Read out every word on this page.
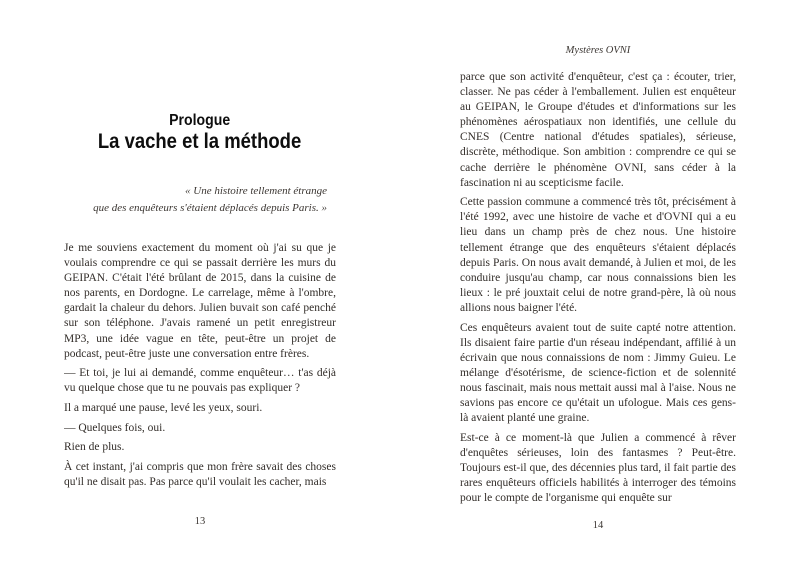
Prologue
La vache et la méthode
« Une histoire tellement étrange
que des enquêteurs s'étaient déplacés depuis Paris. »

Je me souviens exactement du moment où j'ai su que je voulais comprendre ce qui se passait derrière les murs du GEIPAN. C'était l'été brûlant de 2015, dans la cuisine de nos parents, en Dordogne. Le carrelage, même à l'ombre, gardait la chaleur du dehors. Julien buvait son café penché sur son téléphone. J'avais ramené un petit enregistreur MP3, une idée vague en tête, peut-être un projet de podcast, peut-être juste une conversation entre frères.

— Et toi, je lui ai demandé, comme enquêteur… t'as déjà vu quelque chose que tu ne pouvais pas expliquer ?

Il a marqué une pause, levé les yeux, souri.

— Quelques fois, oui.

Rien de plus.

À cet instant, j'ai compris que mon frère savait des choses qu'il ne disait pas. Pas parce qu'il voulait les cacher, mais

13
Mystères OVNI

parce que son activité d'enquêteur, c'est ça : écouter, trier, classer. Ne pas céder à l'emballement. Julien est enquêteur au GEIPAN, le Groupe d'études et d'informations sur les phénomènes aérospatiaux non identifiés, une cellule du CNES (Centre national d'études spatiales), sérieuse, discrète, méthodique. Son ambition : comprendre ce qui se cache derrière le phénomène OVNI, sans céder à la fascination ni au scepticisme facile.

Cette passion commune a commencé très tôt, précisément à l'été 1992, avec une histoire de vache et d'OVNI qui a eu lieu dans un champ près de chez nous. Une histoire tellement étrange que des enquêteurs s'étaient déplacés depuis Paris. On nous avait demandé, à Julien et moi, de les conduire jusqu'au champ, car nous connaissions bien les lieux : le pré jouxtait celui de notre grand-père, là où nous allions nous baigner l'été.

Ces enquêteurs avaient tout de suite capté notre attention. Ils disaient faire partie d'un réseau indépendant, affilié à un écrivain que nous connaissions de nom : Jimmy Guieu. Le mélange d'ésotérisme, de science-fiction et de solennité nous fascinait, mais nous mettait aussi mal à l'aise. Nous ne savions pas encore ce qu'était un ufologue. Mais ces gens-là avaient planté une graine.

Est-ce à ce moment-là que Julien a commencé à rêver d'enquêtes sérieuses, loin des fantasmes ? Peut-être. Toujours est-il que, des décennies plus tard, il fait partie des rares enquêteurs officiels habilités à interroger des témoins pour le compte de l'organisme qui enquête sur

14
